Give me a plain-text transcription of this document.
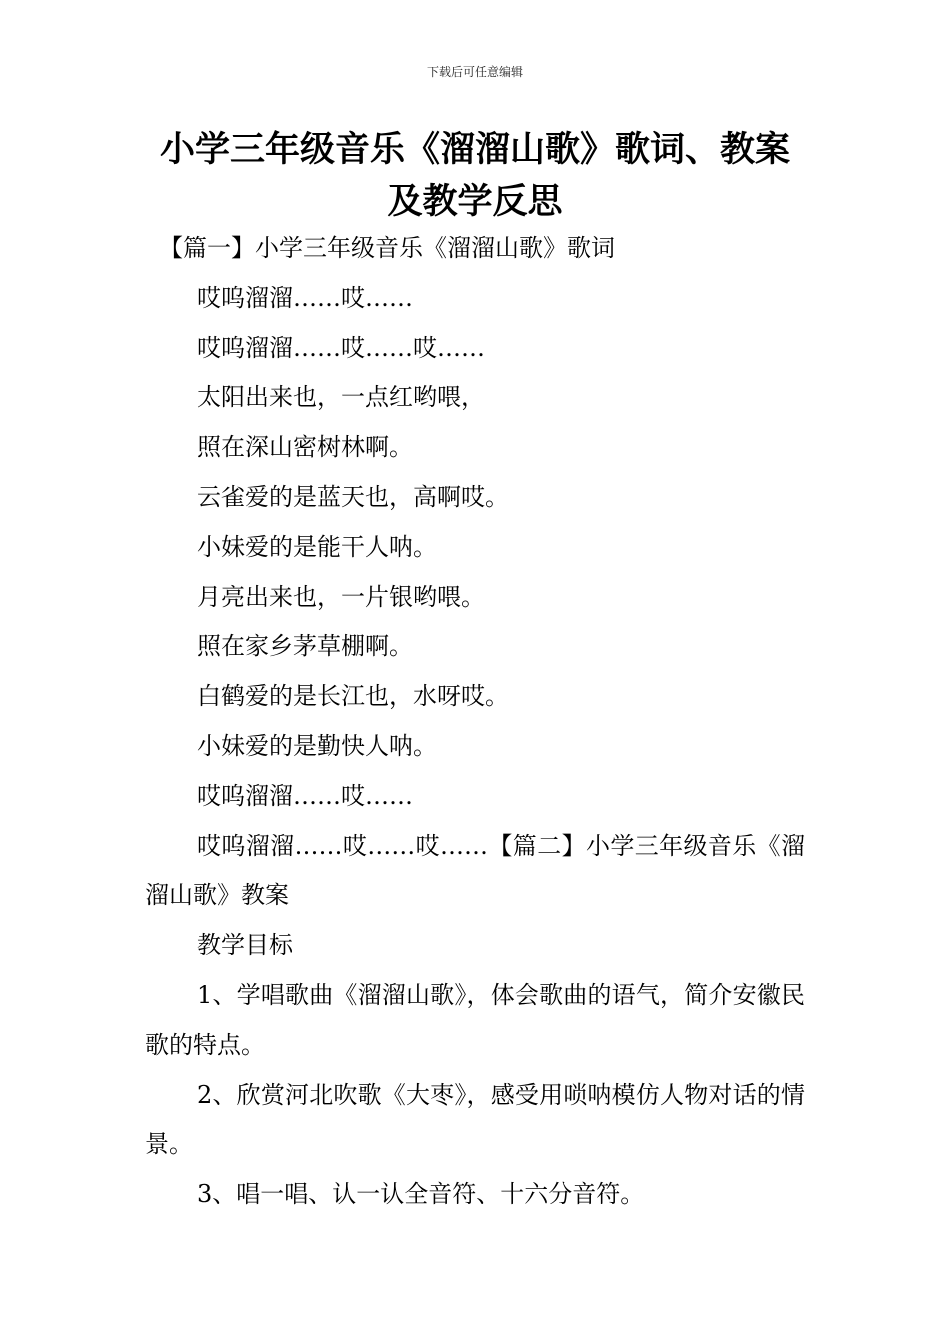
下载后可任意编辑
小学三年级音乐《溜溜山歌》歌词、教案及教学反思

【篇一】小学三年级音乐《溜溜山歌》歌词

哎呜溜溜……哎……

哎呜溜溜……哎……哎……

太阳出来也，一点红哟喂，

照在深山密树林啊。

云雀爱的是蓝天也，高啊哎。

小妹爱的是能干人呐。

月亮出来也，一片银哟喂。

照在家乡茅草棚啊。

白鹤爱的是长江也，水呀哎。

小妹爱的是勤快人呐。

哎呜溜溜……哎……

哎呜溜溜……哎……哎……【篇二】小学三年级音乐《溜溜山歌》教案

教学目标

1、学唱歌曲《溜溜山歌》，体会歌曲的语气，简介安徽民歌的特点。

2、欣赏河北吹歌《大枣》，感受用唢呐模仿人物对话的情景。

3、唱一唱、认一认全音符、十六分音符。
